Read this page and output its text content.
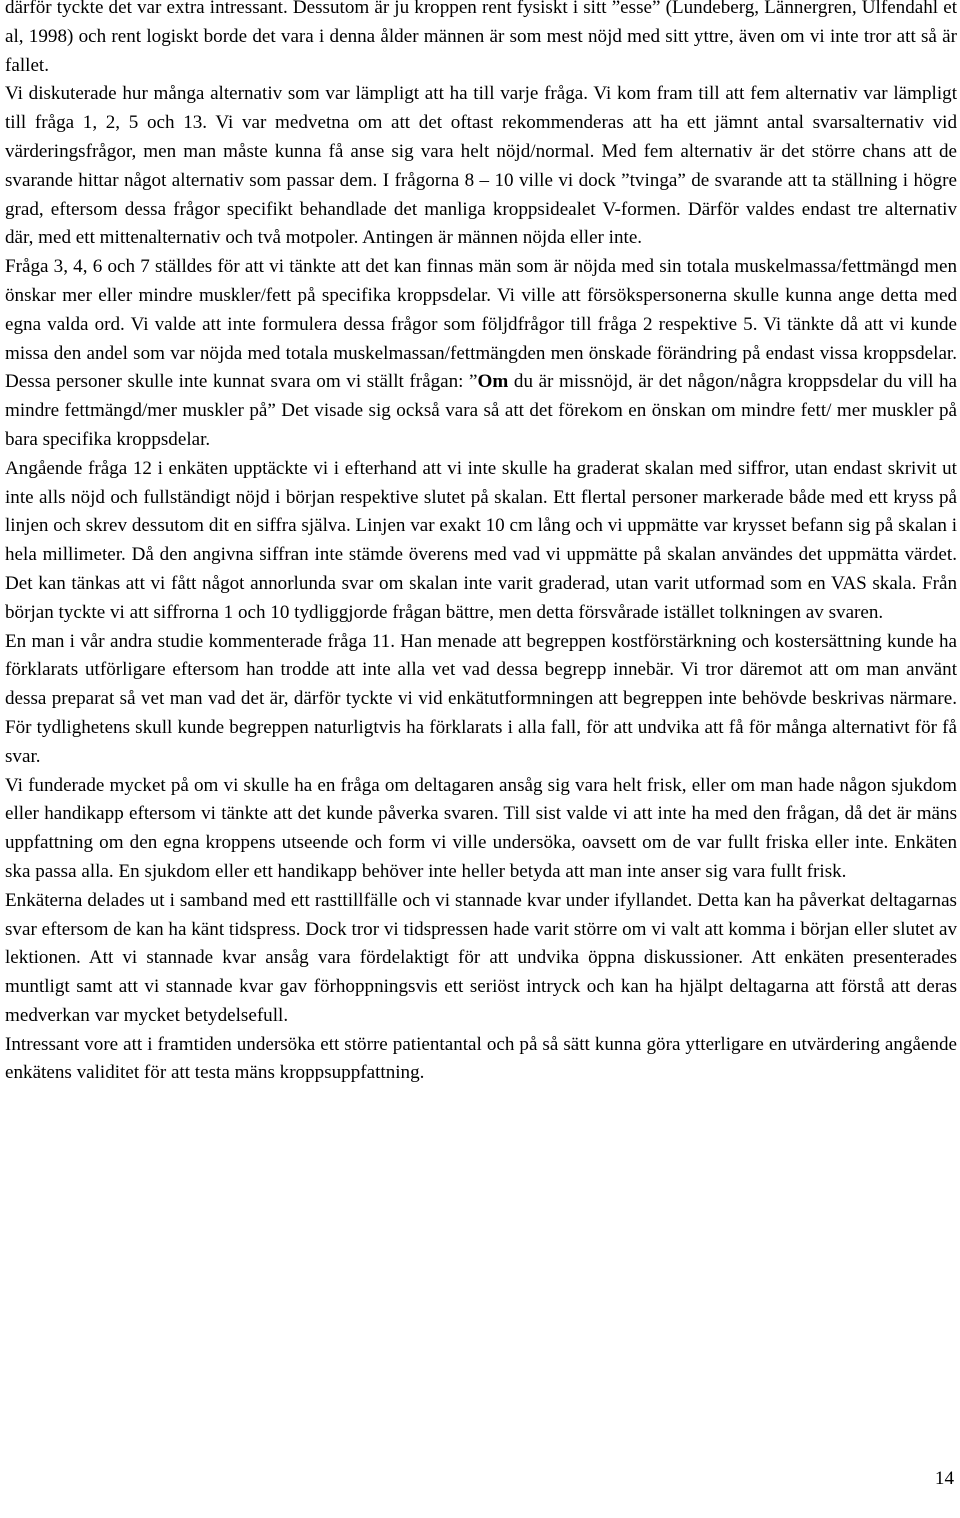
därför tyckte det var extra intressant. Dessutom är ju kroppen rent fysiskt i sitt ”esse” (Lundeberg, Lännergren, Ulfendahl et al, 1998) och rent logiskt borde det vara i denna ålder männen är som mest nöjd med sitt yttre, även om vi inte tror att så är fallet.

Vi diskuterade hur många alternativ som var lämpligt att ha till varje fråga. Vi kom fram till att fem alternativ var lämpligt till fråga 1, 2, 5 och 13. Vi var medvetna om att det oftast rekommenderas att ha ett jämnt antal svarsalternativ vid värderingsfrågor, men man måste kunna få anse sig vara helt nöjd/normal. Med fem alternativ är det större chans att de svarande hittar något alternativ som passar dem. I frågorna 8 – 10 ville vi dock ”tvinga” de svarande att ta ställning i högre grad, eftersom dessa frågor specifikt behandlade det manliga kroppsidealet V-formen. Därför valdes endast tre alternativ där, med ett mittenalternativ och två motpoler. Antingen är männen nöjda eller inte.

Fråga 3, 4, 6 och 7 ställdes för att vi tänkte att det kan finnas män som är nöjda med sin totala muskelmassa/fettmängd men önskar mer eller mindre muskler/fett på specifika kroppsdelar. Vi ville att försökspersonerna skulle kunna ange detta med egna valda ord. Vi valde att inte formulera dessa frågor som följdfrågor till fråga 2 respektive 5. Vi tänkte då att vi kunde missa den andel som var nöjda med totala muskelmassan/fettmängden men önskade förändring på endast vissa kroppsdelar. Dessa personer skulle inte kunnat svara om vi ställt frågan: ”Om du är missnöjd, är det någon/några kroppsdelar du vill ha mindre fettmängd/mer muskler på” Det visade sig också vara så att det förekom en önskan om mindre fett/ mer muskler på bara specifika kroppsdelar.

Angående fråga 12 i enkäten upptäckte vi i efterhand att vi inte skulle ha graderat skalan med siffror, utan endast skrivit ut inte alls nöjd och fullständigt nöjd i början respektive slutet på skalan. Ett flertal personer markerade både med ett kryss på linjen och skrev dessutom dit en siffra själva. Linjen var exakt 10 cm lång och vi uppmätte var krysset befann sig på skalan i hela millimeter. Då den angivna siffran inte stämde överens med vad vi uppmätte på skalan användes det uppmätta värdet. Det kan tänkas att vi fått något annorlunda svar om skalan inte varit graderad, utan varit utformad som en VAS skala. Från början tyckte vi att siffrorna 1 och 10 tydliggjorde frågan bättre, men detta försvårade istället tolkningen av svaren.

En man i vår andra studie kommenterade fråga 11. Han menade att begreppen kostförstärkning och kostersättning kunde ha förklarats utförligare eftersom han trodde att inte alla vet vad dessa begrepp innebär. Vi tror däremot att om man använt dessa preparat så vet man vad det är, därför tyckte vi vid enkätutformningen att begreppen inte behövde beskrivas närmare. För tydlighetens skull kunde begreppen naturligtvis ha förklarats i alla fall, för att undvika att få för många alternativt för få svar.

Vi funderade mycket på om vi skulle ha en fråga om deltagaren ansåg sig vara helt frisk, eller om man hade någon sjukdom eller handikapp eftersom vi tänkte att det kunde påverka svaren. Till sist valde vi att inte ha med den frågan, då det är mäns uppfattning om den egna kroppens utseende och form vi ville undersöka, oavsett om de var fullt friska eller inte. Enkäten ska passa alla. En sjukdom eller ett handikapp behöver inte heller betyda att man inte anser sig vara fullt frisk.

Enkäterna delades ut i samband med ett rasttillfälle och vi stannade kvar under ifyllandet. Detta kan ha påverkat deltagarnas svar eftersom de kan ha känt tidspress. Dock tror vi tidspressen hade varit större om vi valt att komma i början eller slutet av lektionen. Att vi stannade kvar ansåg vara fördelaktigt för att undvika öppna diskussioner. Att enkäten presenterades muntligt samt att vi stannade kvar gav förhoppningsvis ett seriöst intryck och kan ha hjälpt deltagarna att förstå att deras medverkan var mycket betydelsefull.

Intressant vore att i framtiden undersöka ett större patientantal och på så sätt kunna göra ytterligare en utvärdering angående enkätens validitet för att testa mäns kroppsuppfattning.

14
